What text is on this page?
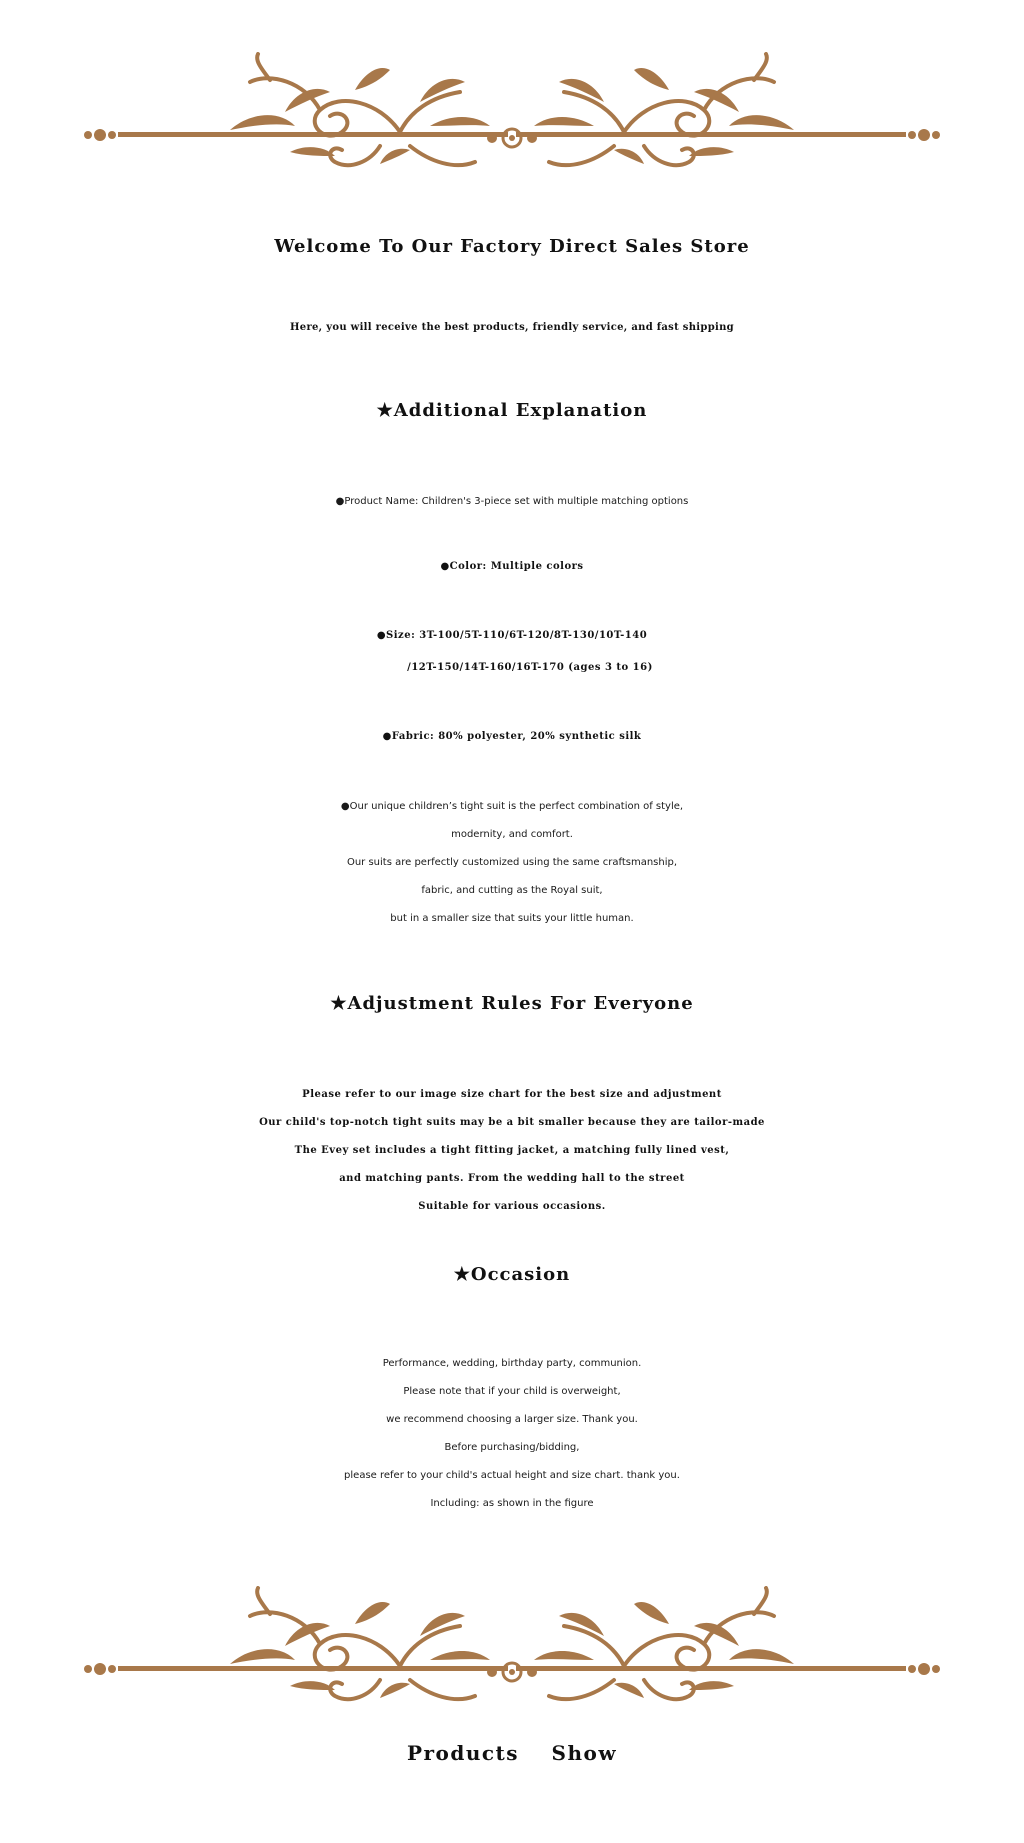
Welcome To Our Factory Direct Sales Store
Here, you will receive the best products, friendly service, and fast shipping
★Additional Explanation
●Product Name: Children's 3-piece set with multiple matching options
●Color: Multiple colors
●Size: 3T-100/5T-110/6T-120/8T-130/10T-140
/12T-150/14T-160/16T-170 (ages 3 to 16)
●Fabric: 80% polyester, 20% synthetic silk
●Our unique children’s tight suit is the perfect combination of style,
modernity, and comfort.
Our suits are perfectly customized using the same craftsmanship,
fabric, and cutting as the Royal suit,
but in a smaller size that suits your little human.
★Adjustment Rules For Everyone
Please refer to our image size chart for the best size and adjustment
Our child's top-notch tight suits may be a bit smaller because they are tailor-made
The Evey set includes a tight fitting jacket, a matching fully lined vest,
and matching pants. From the wedding hall to the street
Suitable for various occasions.
★Occasion
Performance, wedding, birthday party, communion.
Please note that if your child is overweight,
we recommend choosing a larger size. Thank you.
Before purchasing/bidding,
please refer to your child's actual height and size chart. thank you.
Including: as shown in the figure
Products Show
